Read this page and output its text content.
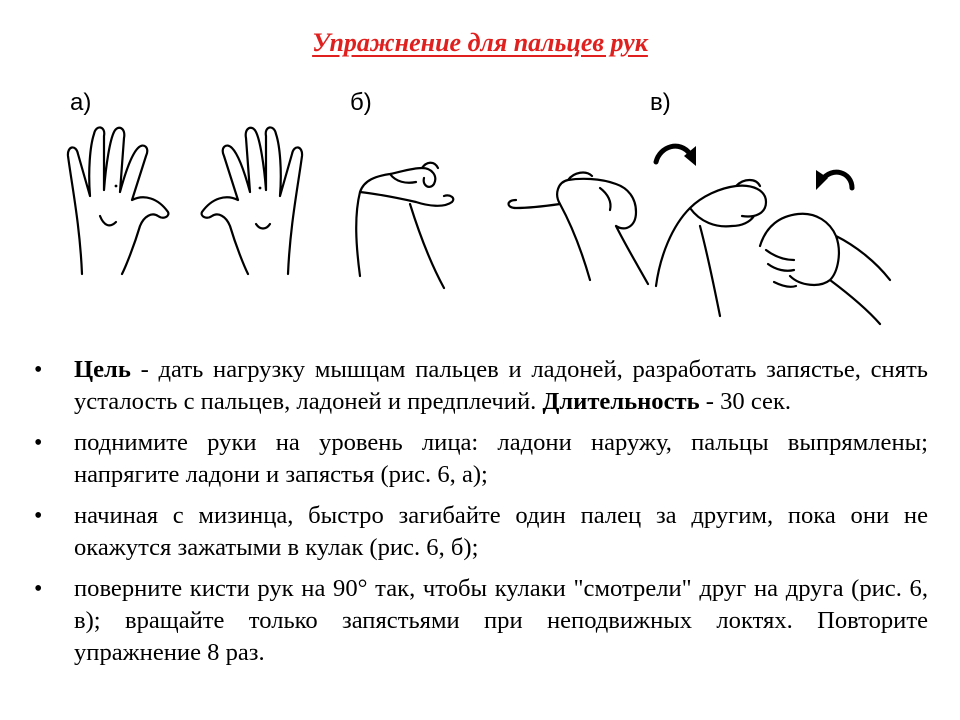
Упражнение для пальцев рук
а)	б)	в)
• Цель - дать нагрузку мышцам пальцев и ладоней, разработать запястье, снять усталость с пальцев, ладоней и предплечий. Длительность - 30 сек.
• поднимите руки на уровень лица: ладони наружу, пальцы выпрямлены; напрягите ладони и запястья (рис. 6, а);
• начиная с мизинца, быстро загибайте один палец за другим, пока они не окажутся зажатыми в кулак (рис. 6, б);
• поверните кисти рук на 90° так, чтобы кулаки "смотрели" друг на друга (рис. 6, в); вращайте только запястьями при неподвижных локтях. Повторите упражнение 8 раз.
